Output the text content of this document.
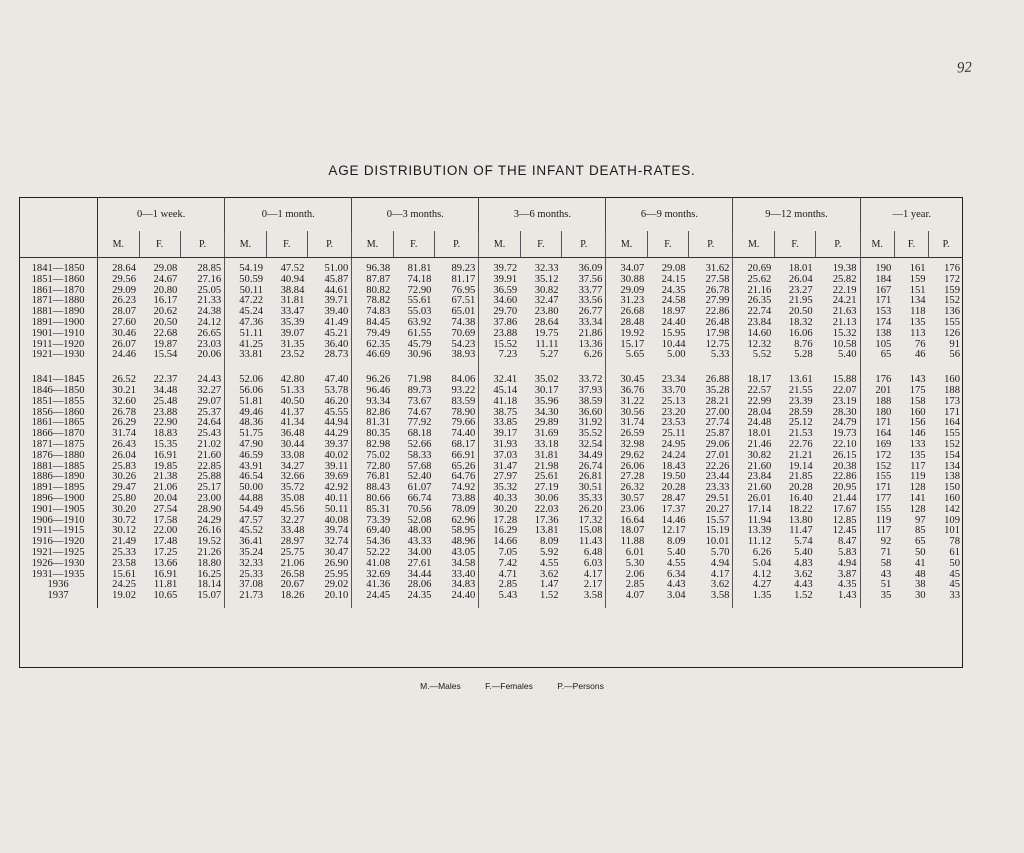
92
AGE DISTRIBUTION OF THE INFANT DEATH-RATES.
	0—1 week.			0—1 month.			0—3 months.			3—6 months.			6—9 months.			9—12 months.			—1 year.		
	M.	F.	P.	M.	F.	P.	M.	F.	P.	M.	F.	P.	M.	F.	P.	M.	F.	P.	M.	F.	P.

1841—1850	28.64	29.08	28.85	54.19	47.52	51.00	96.38	81.81	89.23	39.72	32.33	36.09	34.07	29.08	31.62	20.69	18.01	19.38	190	161	176
1851—1860	29.56	24.67	27.16	50.59	40.94	45.87	87.87	74.18	81.17	39.91	35.12	37.56	30.88	24.15	27.58	25.62	26.04	25.82	184	159	172
1861—1870	29.09	20.80	25.05	50.11	38.84	44.61	80.82	72.90	76.95	36.59	30.82	33.77	29.09	24.35	26.78	21.16	23.27	22.19	167	151	159
1871—1880	26.23	16.17	21.33	47.22	31.81	39.71	78.82	55.61	67.51	34.60	32.47	33.56	31.23	24.58	27.99	26.35	21.95	24.21	171	134	152
1881—1890	28.07	20.62	24.38	45.24	33.47	39.40	74.83	55.03	65.01	29.70	23.80	26.77	26.68	18.97	22.86	22.74	20.50	21.63	153	118	136
1891—1900	27.60	20.50	24.12	47.36	35.39	41.49	84.45	63.92	74.38	37.86	28.64	33.34	28.48	24.40	26.48	23.84	18.32	21.13	174	135	155
1901—1910	30.46	22.68	26.65	51.11	39.07	45.21	79.49	61.55	70.69	23.88	19.75	21.86	19.92	15.95	17.98	14.60	16.06	15.32	138	113	126
1911—1920	26.07	19.87	23.03	41.25	31.35	36.40	62.35	45.79	54.23	15.52	11.11	13.36	15.17	10.44	12.75	12.32	8.76	10.58	105	76	91
1921—1930	24.46	15.54	20.06	33.81	23.52	28.73	46.69	30.96	38.93	7.23	5.27	6.26	5.65	5.00	5.33	5.52	5.28	5.40	65	46	56

1841—1845	26.52	22.37	24.43	52.06	42.80	47.40	96.26	71.98	84.06	32.41	35.02	33.72	30.45	23.34	26.88	18.17	13.61	15.88	176	143	160
1846—1850	30.21	34.48	32.27	56.06	51.33	53.78	96.46	89.73	93.22	45.14	30.17	37.93	36.76	33.70	35.28	22.57	21.55	22.07	201	175	188
1851—1855	32.60	25.48	29.07	51.81	40.50	46.20	93.34	73.67	83.59	41.18	35.96	38.59	31.22	25.13	28.21	22.99	23.39	23.19	188	158	173
1856—1860	26.78	23.88	25.37	49.46	41.37	45.55	82.86	74.67	78.90	38.75	34.30	36.60	30.56	23.20	27.00	28.04	28.59	28.30	180	160	171
1861—1865	26.29	22.90	24.64	48.36	41.34	44.94	81.31	77.92	79.66	33.85	29.89	31.92	31.74	23.53	27.74	24.48	25.12	24.79	171	156	164
1866—1870	31.74	18.83	25.43	51.75	36.48	44.29	80.35	68.18	74.40	39.17	31.69	35.52	26.59	25.11	25.87	18.01	21.53	19.73	164	146	155
1871—1875	26.43	15.35	21.02	47.90	30.44	39.37	82.98	52.66	68.17	31.93	33.18	32.54	32.98	24.95	29.06	21.46	22.76	22.10	169	133	152
1876—1880	26.04	16.91	21.60	46.59	33.08	40.02	75.02	58.33	66.91	37.03	31.81	34.49	29.62	24.24	27.01	30.82	21.21	26.15	172	135	154
1881—1885	25.83	19.85	22.85	43.91	34.27	39.11	72.80	57.68	65.26	31.47	21.98	26.74	26.06	18.43	22.26	21.60	19.14	20.38	152	117	134
1886—1890	30.26	21.38	25.88	46.54	32.66	39.69	76.81	52.40	64.76	27.97	25.61	26.81	27.28	19.50	23.44	23.84	21.85	22.86	155	119	138
1891—1895	29.47	21.06	25.17	50.00	35.72	42.92	88.43	61.07	74.92	35.32	27.19	30.51	26.32	20.28	23.33	21.60	20.28	20.95	171	128	150
1896—1900	25.80	20.04	23.00	44.88	35.08	40.11	80.66	66.74	73.88	40.33	30.06	35.33	30.57	28.47	29.51	26.01	16.40	21.44	177	141	160
1901—1905	30.20	27.54	28.90	54.49	45.56	50.11	85.31	70.56	78.09	30.20	22.03	26.20	23.06	17.37	20.27	17.14	18.22	17.67	155	128	142
1906—1910	30.72	17.58	24.29	47.57	32.27	40.08	73.39	52.08	62.96	17.28	17.36	17.32	16.64	14.46	15.57	11.94	13.80	12.85	119	97	109
1911—1915	30.12	22.00	26.16	45.52	33.48	39.74	69.40	48.00	58.95	16.29	13.81	15.08	18.07	12.17	15.19	13.39	11.47	12.45	117	85	101
1916—1920	21.49	17.48	19.52	36.41	28.97	32.74	54.36	43.33	48.96	14.66	8.09	11.43	11.88	8.09	10.01	11.12	5.74	8.47	92	65	78
1921—1925	25.33	17.25	21.26	35.24	25.75	30.47	52.22	34.00	43.05	7.05	5.92	6.48	6.01	5.40	5.70	6.26	5.40	5.83	71	50	61
1926—1930	23.58	13.66	18.80	32.33	21.06	26.90	41.08	27.61	34.58	7.42	4.55	6.03	5.30	4.55	4.94	5.04	4.83	4.94	58	41	50
1931—1935	15.61	16.91	16.25	25.33	26.58	25.95	32.69	34.44	33.40	4.71	3.62	4.17	2.06	6.34	4.17	4.12	3.62	3.87	43	48	45
1936	24.25	11.81	18.14	37.08	20.67	29.02	41.36	28.06	34.83	2.85	1.47	2.17	2.85	4.43	3.62	4.27	4.43	4.35	51	38	45
1937	19.02	10.65	15.07	21.73	18.26	20.10	24.45	24.35	24.40	5.43	1.52	3.58	4.07	3.04	3.58	1.35	1.52	1.43	35	30	33

M.—Males	F.—Females	P.—Persons
